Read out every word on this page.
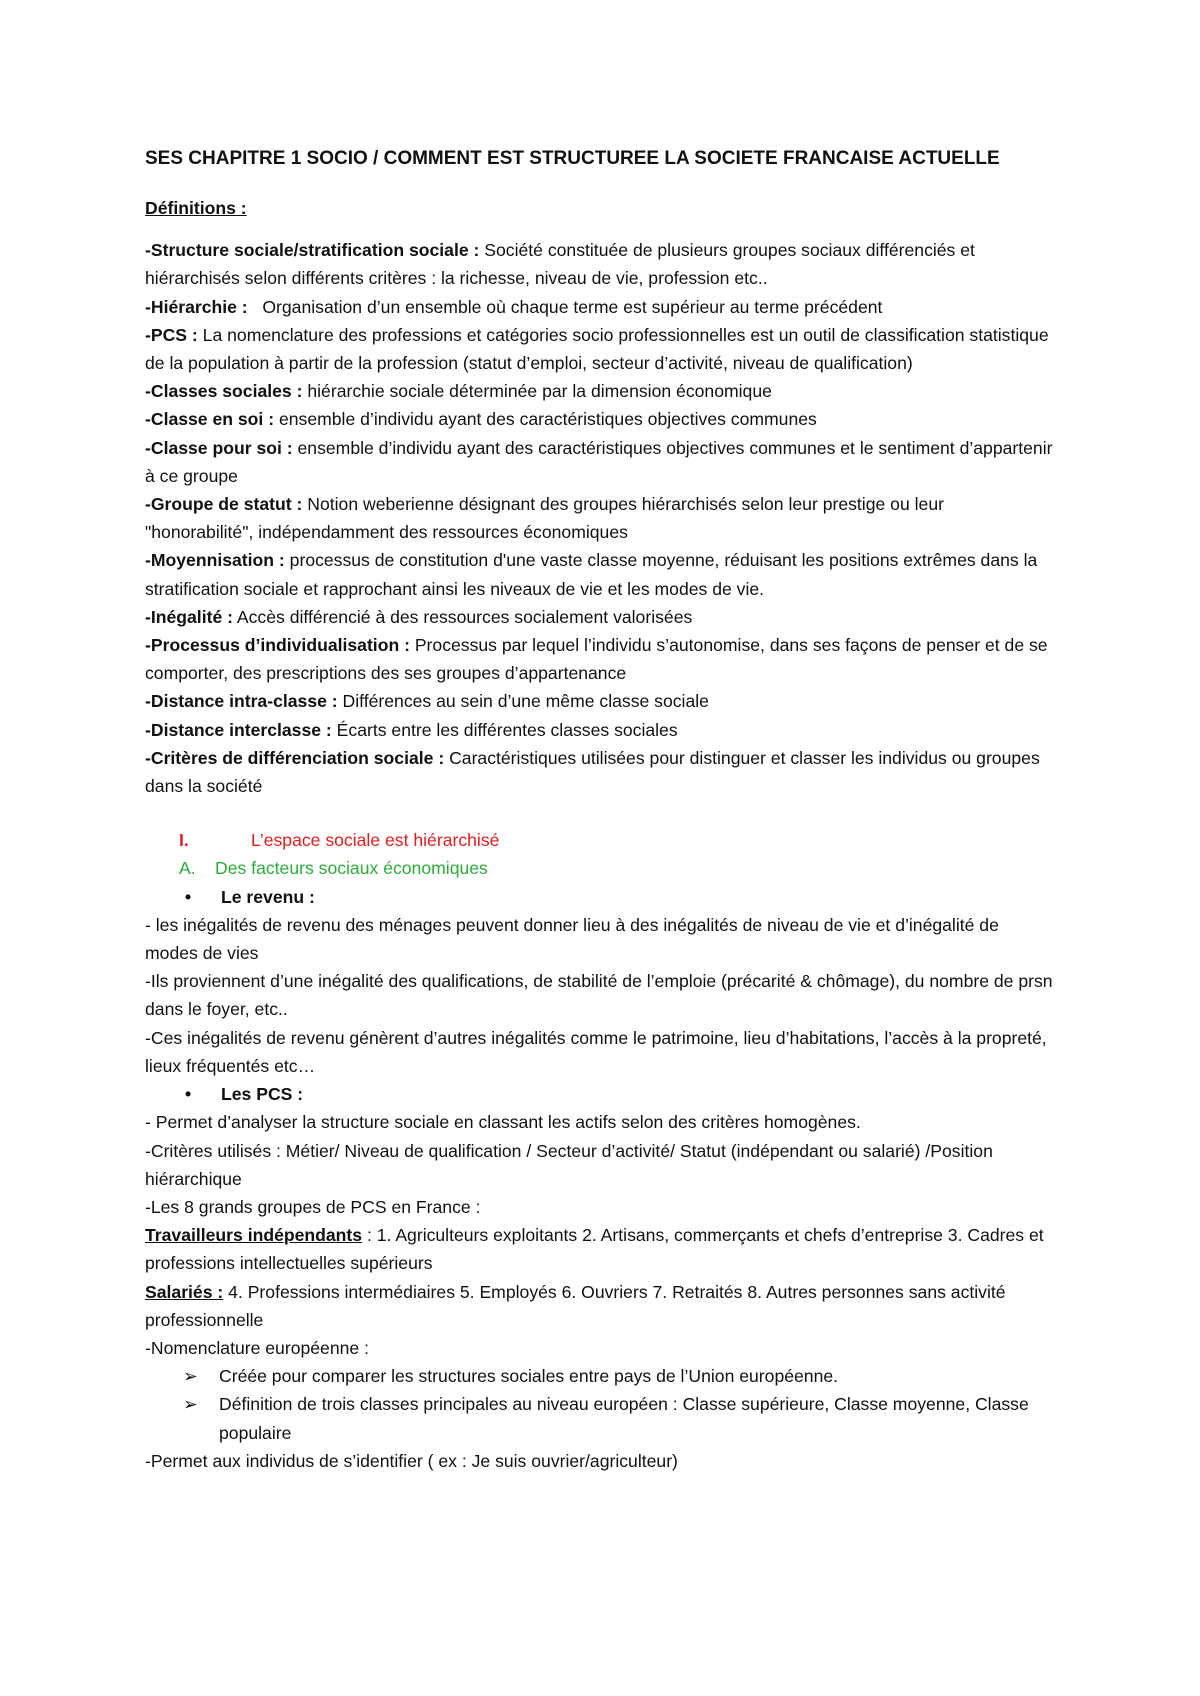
SES CHAPITRE 1 SOCIO / COMMENT EST STRUCTUREE LA SOCIETE FRANCAISE ACTUELLE
Définitions :

-Structure sociale/stratification sociale : Société constituée de plusieurs groupes sociaux différenciés et hiérarchisés selon différents critères : la richesse, niveau de vie, profession etc..

-Hiérarchie :   Organisation d’un ensemble où chaque terme est supérieur au terme précédent

-PCS : La nomenclature des professions et catégories socio professionnelles est un outil de classification statistique de la population à partir de la profession (statut d’emploi, secteur d’activité, niveau de qualification)

-Classes sociales : hiérarchie sociale déterminée par la dimension économique

-Classe en soi : ensemble d’individu ayant des caractéristiques objectives communes

-Classe pour soi : ensemble d’individu ayant des caractéristiques objectives communes et le sentiment d’appartenir à ce groupe

-Groupe de statut : Notion weberienne désignant des groupes hiérarchisés selon leur prestige ou leur "honorabilité", indépendamment des ressources économiques

-Moyennisation : processus de constitution d'une vaste classe moyenne, réduisant les positions extrêmes dans la stratification sociale et rapprochant ainsi les niveaux de vie et les modes de vie.

-Inégalité : Accès différencié à des ressources socialement valorisées

-Processus d’individualisation : Processus par lequel l’individu s’autonomise, dans ses façons de penser et de se comporter, des prescriptions des ses groupes d’appartenance

-Distance intra-classe : Différences au sein d’une même classe sociale

-Distance interclasse : Écarts entre les différentes classes sociales

-Critères de différenciation sociale : Caractéristiques utilisées pour distinguer et classer les individus ou groupes dans la société

I.	L’espace sociale est hiérarchisé
A. Des facteurs sociaux économiques
• Le revenu :

- les inégalités de revenu des ménages peuvent donner lieu à des inégalités de niveau de vie et d’inégalité de modes de vies

-Ils proviennent d’une inégalité des qualifications, de stabilité de l’emploie (précarité & chômage), du nombre de prsn dans le foyer, etc..

-Ces inégalités de revenu génèrent d’autres inégalités comme le patrimoine, lieu d’habitations, l’accès à la propreté, lieux fréquentés etc…

• Les PCS :

- Permet d’analyser la structure sociale en classant les actifs selon des critères homogènes.

-Critères utilisés : Métier/ Niveau de qualification / Secteur d’activité/ Statut (indépendant ou salarié) /Position hiérarchique

-Les 8 grands groupes de PCS en France :

Travailleurs indépendants : 1. Agriculteurs exploitants 2. Artisans, commerçants et chefs d’entreprise 3. Cadres et professions intellectuelles supérieurs

Salariés : 4. Professions intermédiaires 5. Employés 6. Ouvriers 7. Retraités 8. Autres personnes sans activité professionnelle

-Nomenclature européenne :

➢ Créée pour comparer les structures sociales entre pays de l’Union européenne.
➢ Définition de trois classes principales au niveau européen : Classe supérieure, Classe moyenne, Classe populaire

-Permet aux individus de s’identifier ( ex : Je suis ouvrier/agriculteur)
